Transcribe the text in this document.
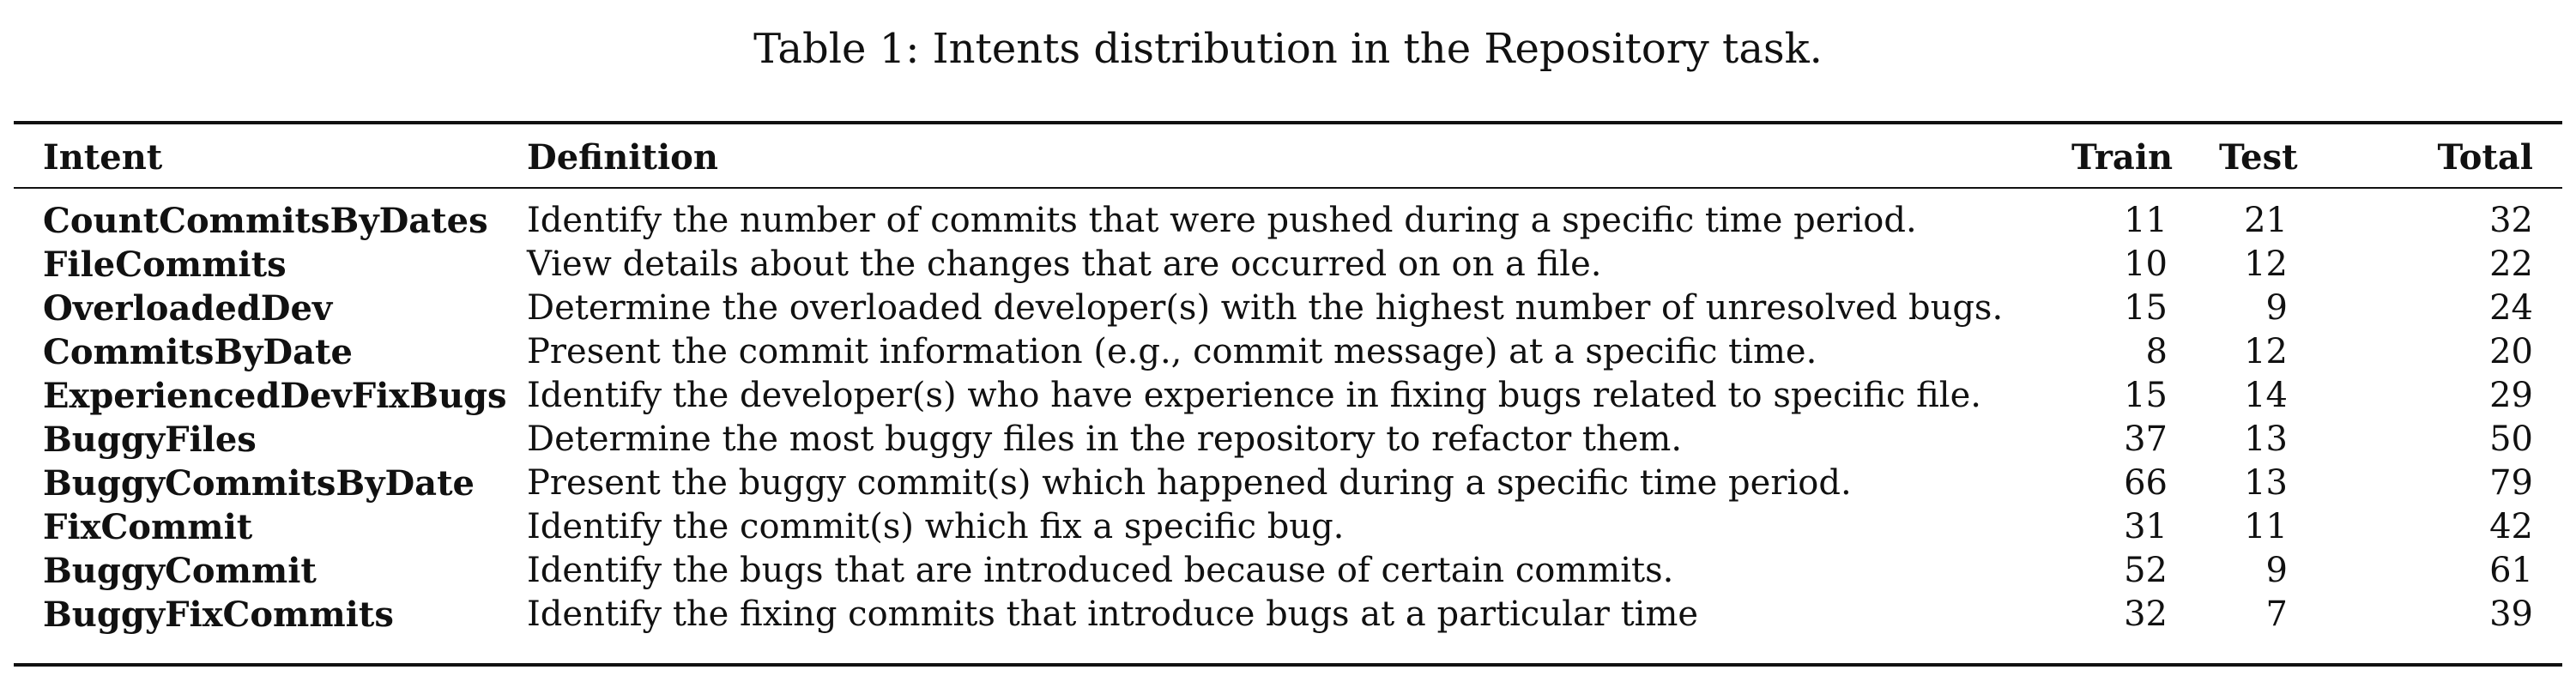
Table 1: Intents distribution in the Repository task.
Intent	Definition	Train	Test	Total
CountCommitsByDates	Identify the number of commits that were pushed during a specific time period.	11	21	32
FileCommits	View details about the changes that are occurred on on a file.	10	12	22
OverloadedDev	Determine the overloaded developer(s) with the highest number of unresolved bugs.	15	9	24
CommitsByDate	Present the commit information (e.g., commit message) at a specific time.	8	12	20
ExperiencedDevFixBugs	Identify the developer(s) who have experience in fixing bugs related to specific file.	15	14	29
BuggyFiles	Determine the most buggy files in the repository to refactor them.	37	13	50
BuggyCommitsByDate	Present the buggy commit(s) which happened during a specific time period.	66	13	79
FixCommit	Identify the commit(s) which fix a specific bug.	31	11	42
BuggyCommit	Identify the bugs that are introduced because of certain commits.	52	9	61
BuggyFixCommits	Identify the fixing commits that introduce bugs at a particular time	32	7	39
